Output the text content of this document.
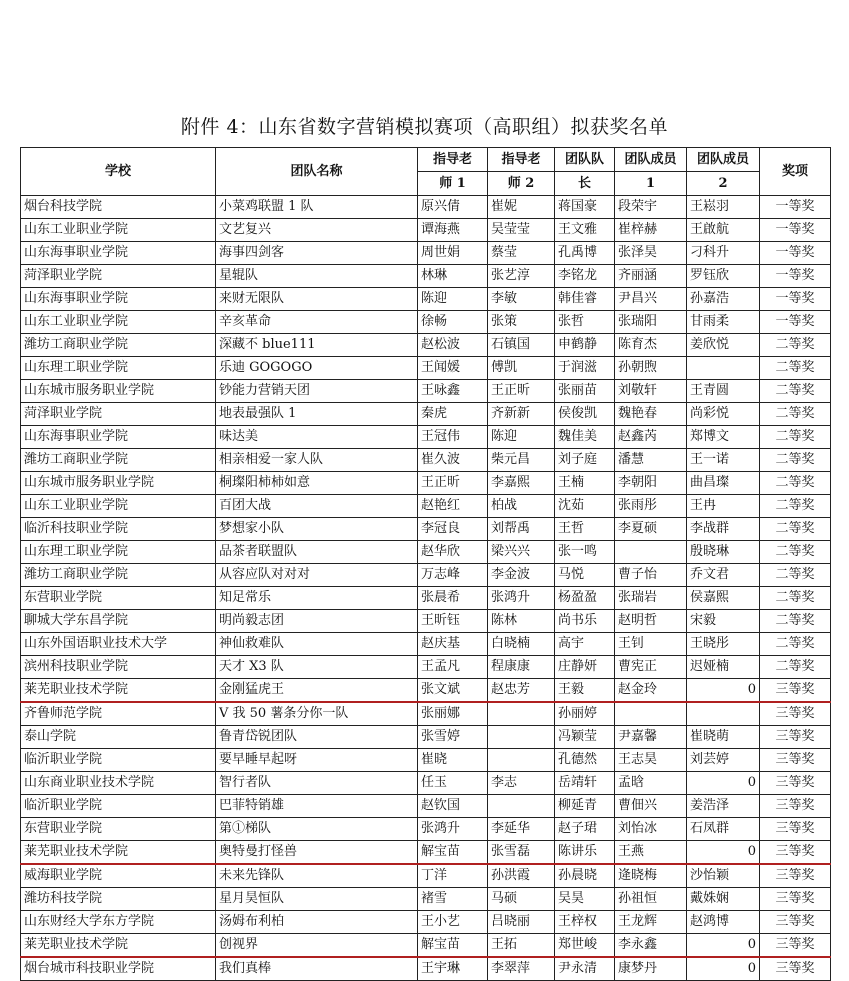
附件 4：山东省数字营销模拟赛项（高职组）拟获奖名单
学校	团队名称	指导老	指导老	团队队	团队成员	团队成员	奖项
		师 1	师 2	长	1	2	
烟台科技学院	小菜鸡联盟 1 队	原兴倩	崔妮	蒋国豪	段荣宇	王崧羽	一等奖
山东工业职业学院	文艺复兴	谭海燕	吴莹莹	王文雅	崔梓赫	王啟航	一等奖
山东海事职业学院	海事四剑客	周世娟	蔡莹	孔禹博	张泽昊	刁科升	一等奖
菏泽职业学院	星辊队	林琳	张艺淳	李铭龙	齐丽涵	罗钰欣	一等奖
山东海事职业学院	来财无限队	陈迎	李敏	韩佳睿	尹昌兴	孙嘉浩	一等奖
山东工业职业学院	辛亥革命	徐畅	张策	张哲	张瑞阳	甘雨柔	一等奖
潍坊工商职业学院	深藏不 blue111	赵松波	石镇国	申鹤静	陈育杰	姜欣悦	二等奖
山东理工职业学院	乐迪 GOGOGO	王闻媛	傅凯	于润滋	孙朝煦		二等奖
山东城市服务职业学院	钞能力营销天团	王咏鑫	王正昕	张丽苗	刘敬轩	王青圆	二等奖
菏泽职业学院	地表最强队 1	秦虎	齐新新	侯俊凯	魏艳春	尚彩悦	二等奖
山东海事职业学院	味达美	王冠伟	陈迎	魏佳美	赵鑫芮	郑博文	二等奖
潍坊工商职业学院	相亲相爱一家人队	崔久波	柴元昌	刘子庭	潘慧	王一诺	二等奖
山东城市服务职业学院	桐璨阳柿柿如意	王正昕	李嘉熙	王楠	李朝阳	曲昌璨	二等奖
山东工业职业学院	百团大战	赵艳红	柏战	沈茹	张雨彤	王冉	二等奖
临沂科技职业学院	梦想家小队	李冠良	刘帮禹	王哲	李夏硕	李战群	二等奖
山东理工职业学院	品茶者联盟队	赵华欣	梁兴兴	张一鸣		殷晓琳	二等奖
潍坊工商职业学院	从容应队对对对	万志峰	李金波	马悦	曹子怡	乔文君	二等奖
东营职业学院	知足常乐	张晨希	张鸿升	杨盈盈	张瑞岩	侯嘉熙	二等奖
聊城大学东昌学院	明尚毅志团	王昕钰	陈林	尚书乐	赵明哲	宋毅	二等奖
山东外国语职业技术大学	神仙救难队	赵庆基	白晓楠	高宇	王钊	王晓彤	二等奖
滨州科技职业学院	天才 X3 队	王孟凡	程康康	庄静妍	曹宪正	迟娅楠	二等奖
莱芜职业技术学院	金刚猛虎王	张文斌	赵忠芳	王毅	赵金玲	0	三等奖
齐鲁师范学院	V 我 50 薯条分你一队	张丽娜		孙丽婷			三等奖
泰山学院	鲁青岱锐团队	张雪婷		冯颖莹	尹嘉馨	崔晓萌	三等奖
临沂职业学院	要早睡早起呀	崔晓		孔德然	王志昊	刘芸婷	三等奖
山东商业职业技术学院	智行者队	任玉	李志	岳靖轩	孟晗	0	三等奖
临沂职业学院	巴菲特销雄	赵钦国		柳延青	曹佃兴	姜浩泽	三等奖
东营职业学院	第①梯队	张鸿升	李延华	赵子珺	刘怡冰	石凤群	三等奖
莱芜职业技术学院	奥特曼打怪兽	解宝苗	张雪磊	陈讲乐	王燕	0	三等奖
威海职业学院	未来先锋队	丁洋	孙洪霞	孙晨晓	逄晓梅	沙怡颖	三等奖
潍坊科技学院	星月昊恒队	褚雪	马硕	吴昊	孙祖恒	戴姝娴	三等奖
山东财经大学东方学院	汤姆布利柏	王小艺	吕晓丽	王梓权	王龙辉	赵鸿博	三等奖
莱芜职业技术学院	创视界	解宝苗	王拓	郑世峻	李永鑫	0	三等奖
烟台城市科技职业学院	我们真棒	王宇琳	李翠萍	尹永清	康梦丹	0	三等奖
